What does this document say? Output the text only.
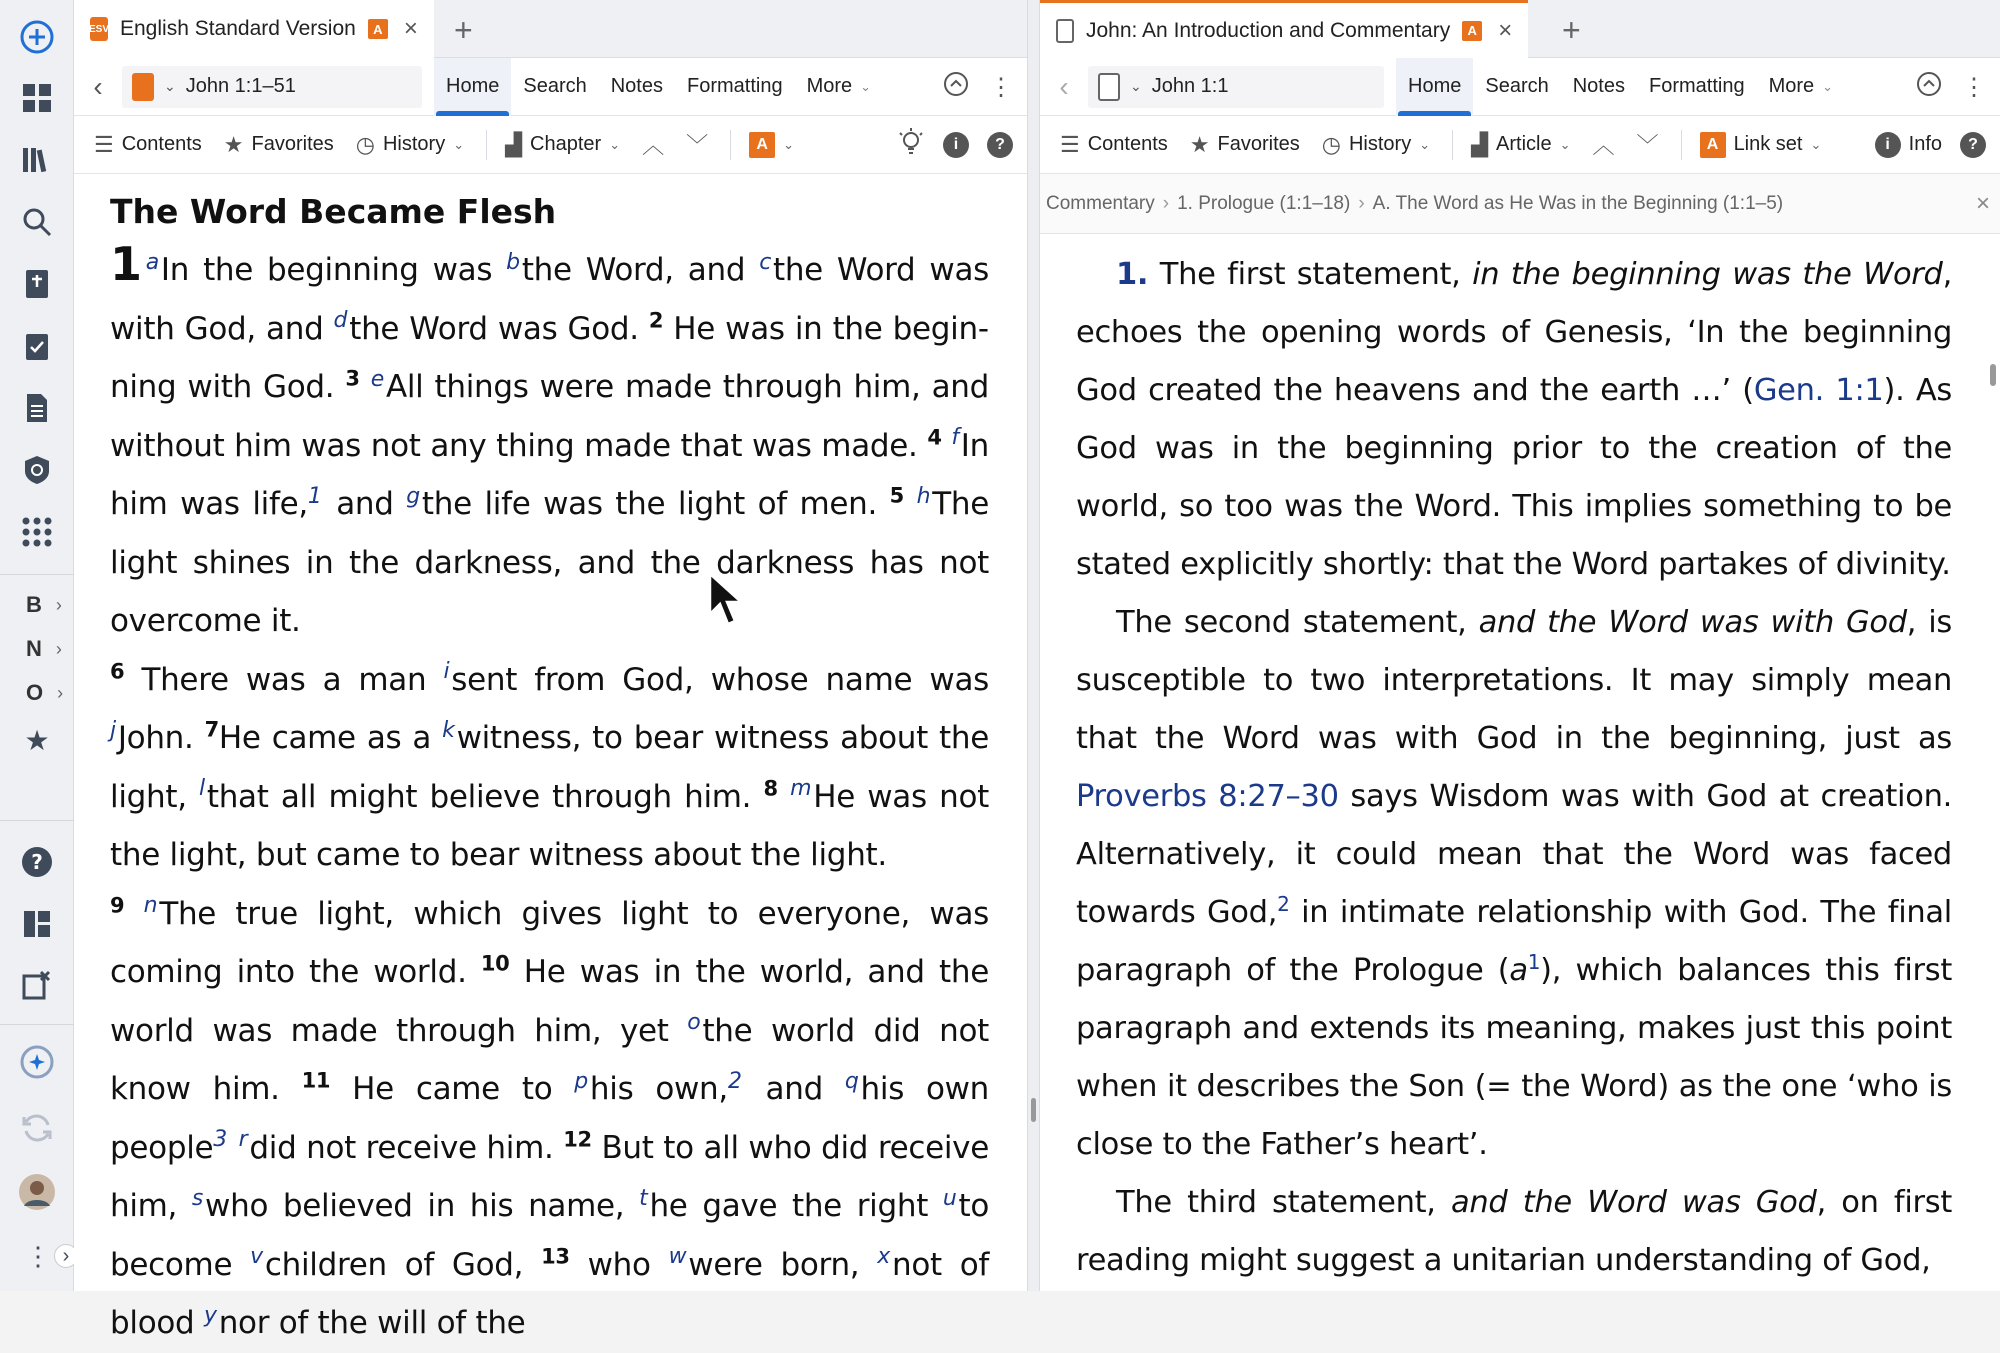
B ›
N ›
O ›
★
?
⋮ ›
ESV English Standard Version	A × +
‹	⌄ John 1:1–51	Home	Search	Notes	Formatting	More ⌄	⋮
☰ Contents ★ Favorites ◷ History ⌄ ▟ Chapter ⌄ ︿ ﹀	A	⌄	i	?
The Word Became Flesh
1 $^a$In the beginning was $^b$the Word, and $^c$the Word was with God, and $^d$the Word was God. $^2$ He was in the beginning with God. $^3$ $^e$All things were made through him, and without him was not any thing made that was made. $^4$ $^f$In him was life,$^1$ and $^g$the life was the light of men. $^5$ $^h$The light shines in the darkness, and the darkness has not overcome it.
$^6$ There was a man $^i$sent from God, whose name was $^j$John. $^7$He came as a $^k$witness, to bear witness about the light, $^l$that all might believe through him. $^8$ $^m$He was not the light, but came to bear witness about the light.
$^9$ $^n$The true light, which gives light to everyone, was coming into the world. $^{10}$ He was in the world, and the world was made through him, yet $^o$the world did not know him. $^{11}$ He came to $^p$his own,$^2$ and $^q$his own people$^3$ $^r$did not receive him. $^{12}$ But to all who did receive him, $^s$who believed in his name, $^t$he gave the right $^u$to become $^v$children of God, $^{13}$ who $^w$were born, $^x$not of blood $^y$nor of the will of the
John: An Introduction and Commentary	A × +
‹	⌄ John 1:1	Home	Search	Notes	Formatting	More ⌄	⋮
☰ Contents ★ Favorites ◷ History ⌄ ▟ Article ⌄ ︿ ﹀	A Link set ⌄	i Info	?
Commentary › 1. Prologue (1:1–18) › A. The Word as He Was in the Beginning (1:1–5)	×

1. The first statement, in the beginning was the Word, echoes the opening words of Genesis, ‘In the beginning God created the heavens and the earth …’ (Gen. 1:1). As God was in the beginning prior to the creation of the world, so too was the Word. This implies something to be stated explicitly shortly: that the Word partakes of divinity.

The second statement, and the Word was with God, is susceptible to two interpretations. It may simply mean that the Word was with God in the beginning, just as Proverbs 8:27–30 says Wisdom was with God at creation. Alternatively, it could mean that the Word was faced towards God,$^2$ in intimate relationship with God. The final paragraph of the Prologue $(a^1)$, which balances this first paragraph and extends its meaning, makes just this point when it describes the Son (= the Word) as the one ‘who is close to the Father’s heart’.

The third statement, and the Word was God, on first reading might suggest a unitarian understanding of God,
